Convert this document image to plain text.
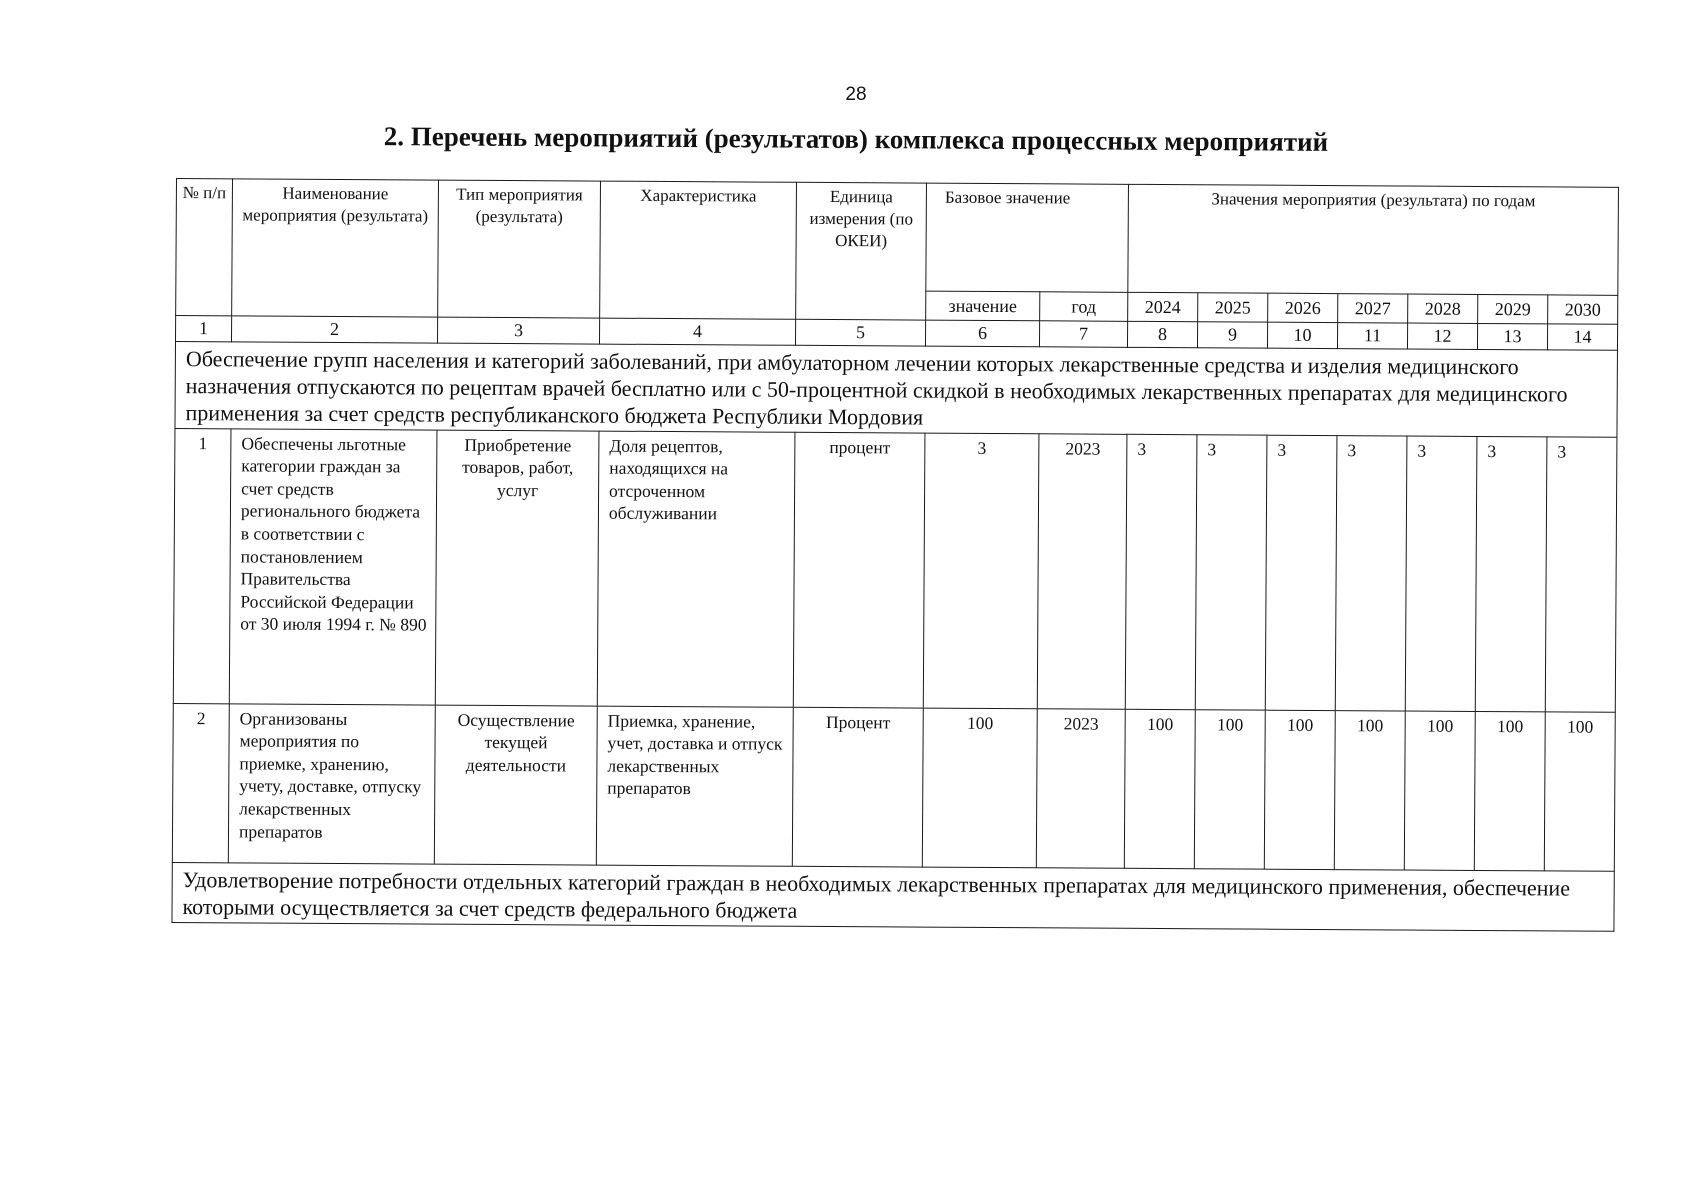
28
2. Перечень мероприятий (результатов) комплекса процессных мероприятий
№ п/п	Наименование мероприятия (результата)	Тип мероприятия (результата)	Характеристика	Единица измерения (по ОКЕИ)	Базовое значение		Значения мероприятия (результата) по годам						
					значение	год	2024	2025	2026	2027	2028	2029	2030
1	2	3	4	5	6	7	8	9	10	11	12	13	14
Обеспечение групп населения и категорий заболеваний, при амбулаторном лечении которых лекарственные средства и изделия медицинского назначения отпускаются по рецептам врачей бесплатно или с 50-процентной скидкой в необходимых лекарственных препаратах для медицинского применения за счет средств республиканского бюджета Республики Мордовия													
1	Обеспечены льготные категории граждан за счет средств регионального бюджета в соответствии с постановлением Правительства Российской Федерации от 30 июля 1994 г. № 890	Приобретение товаров, работ, услуг	Доля рецептов, находящихся на отсроченном обслуживании	процент	3	2023	3	3	3	3	3	3	3
2	Организованы мероприятия по приемке, хранению, учету, доставке, отпуску лекарственных препаратов	Осуществление текущей деятельности	Приемка, хранение, учет, доставка и отпуск лекарственных препаратов	Процент	100	2023	100	100	100	100	100	100	100
Удовлетворение потребности отдельных категорий граждан в необходимых лекарственных препаратах для медицинского применения, обеспечение которыми осуществляется за счет средств федерального бюджета													
